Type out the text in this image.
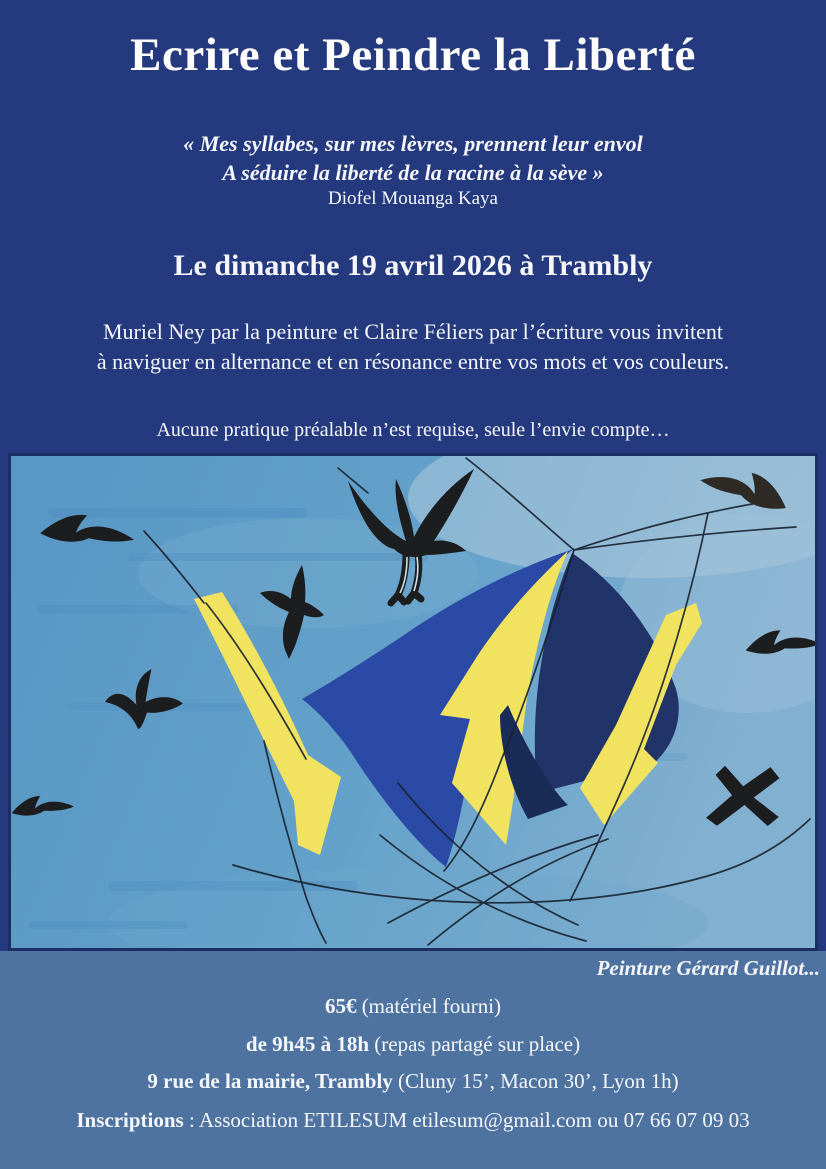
Ecrire et Peindre la Liberté
« Mes syllabes, sur mes lèvres, prennent leur envol
A séduire la liberté de la racine à la sève »
Diofel Mouanga Kaya
Le dimanche 19 avril 2026 à Trambly
Muriel Ney par la peinture et Claire Féliers par l’écriture vous invitent
à naviguer en alternance et en résonance entre vos mots et vos couleurs.
Aucune pratique préalable n’est requise, seule l’envie compte…
Peinture Gérard Guillot...
65€ (matériel fourni)
de 9h45 à 18h (repas partagé sur place)
9 rue de la mairie, Trambly (Cluny 15’, Macon 30’, Lyon 1h)
Inscriptions : Association ETILESUM etilesum@gmail.com ou 07 66 07 09 03
